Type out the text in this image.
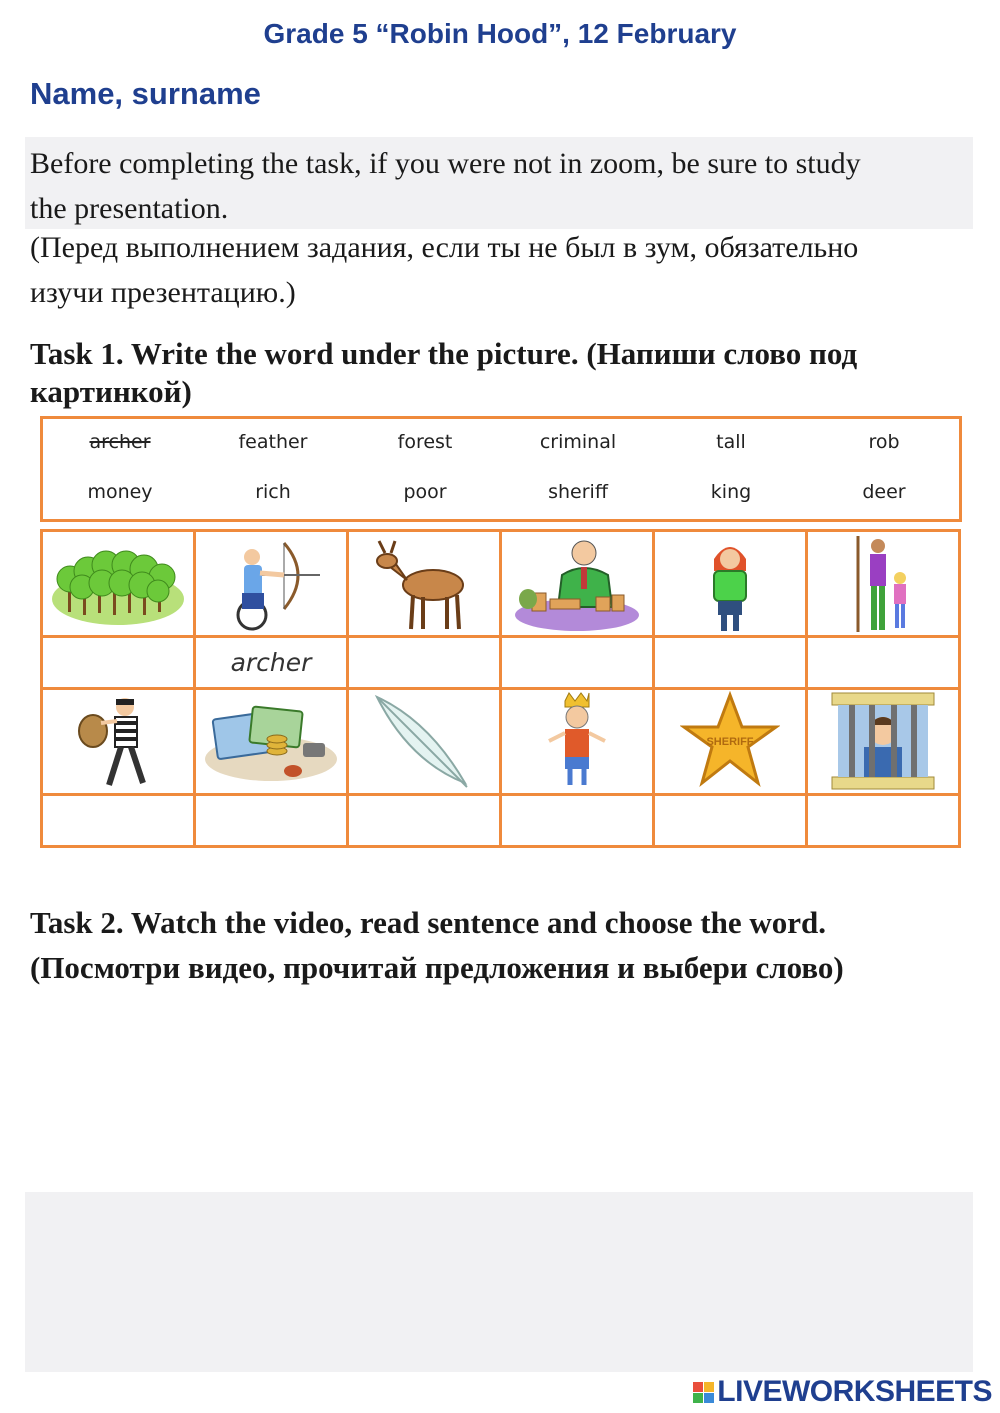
Grade 5 “Robin Hood”, 12 February
Name, surname
Before completing the task, if you were not in zoom, be sure to study
the presentation.
(Перед выполнением задания, если ты не был в зум, обязательно
изучи презентацию.)
Task 1. Write the word under the picture. (Напиши слово под
картинкой)
archer	feather	forest	criminal	tall	rob
money	rich	poor	sheriff	king	deer

	archer				

SHERIFF

Task 2. Watch the video, read sentence and choose the word.
(Посмотри видео, прочитай предложения и выбери слово)
LIVE WORKSHEETS
